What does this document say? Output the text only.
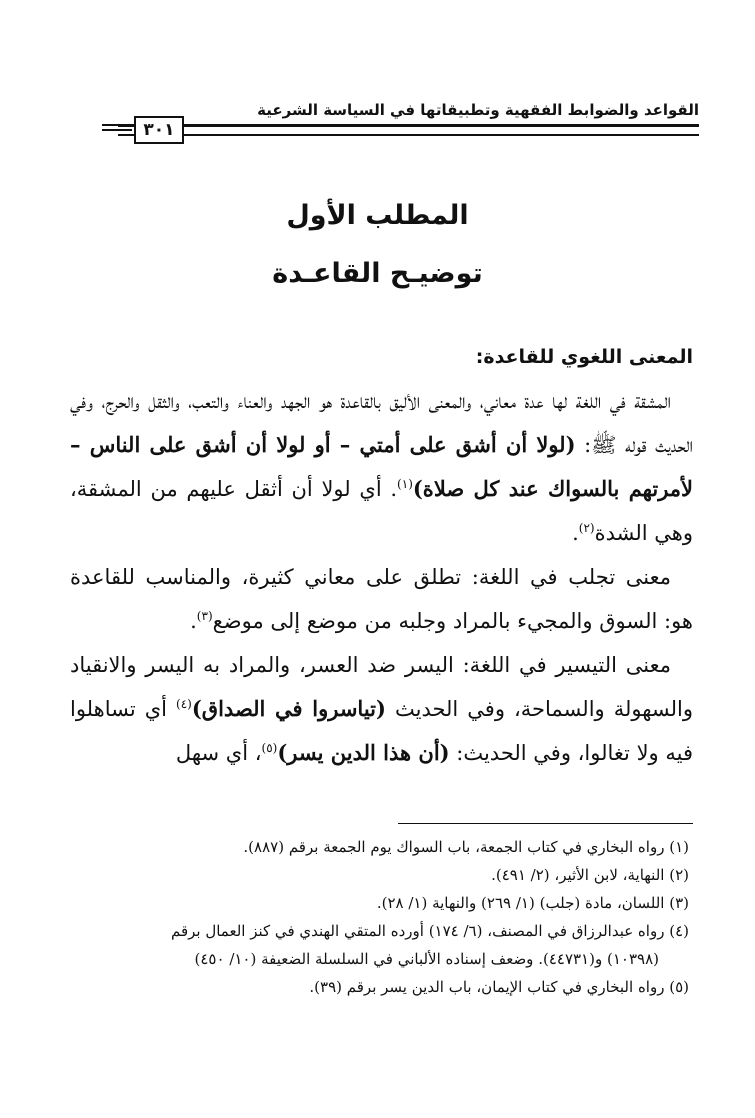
القواعد والضوابط الفقهية وتطبيقاتها في السياسة الشرعية
٣٠١
المطلب الأول
توضيـح القاعـدة

المعنى اللغوي للقاعدة:

المشقة في اللغة لها عدة معاني، والمعنى الأليق بالقاعدة هو الجهد والعناء والتعب، والثقل والحرج، وفي الحديث قوله ﷺ: (لولا أن أشق على أمتي – أو لولا أن أشق على الناس – لأمرتهم بالسواك عند كل صلاة)$^{(١)}$. أي لولا أن أثقل عليهم من المشقة، وهي الشدة$^{(٢)}$.

معنى تجلب في اللغة: تطلق على معاني كثيرة، والمناسب للقاعدة هو: السوق والمجيء بالمراد وجلبه من موضع إلى موضع$^{(٣)}$.

معنى التيسير في اللغة: اليسر ضد العسر، والمراد به اليسر والانقياد والسهولة والسماحة، وفي الحديث (تياسروا في الصداق)$^{(٤)}$ أي تساهلوا فيه ولا تغالوا، وفي الحديث: (أن هذا الدين يسر)$^{(٥)}$، أي سهل

(١) رواه البخاري في كتاب الجمعة، باب السواك يوم الجمعة برقم (٨٨٧).

(٢) النهاية، لابن الأثير، (٢/ ٤٩١).

(٣) اللسان، مادة (جلب) (١/ ٢٦٩) والنهاية (١/ ٢٨).

(٤) رواه عبدالرزاق في المصنف، (٦/ ١٧٤) أورده المتقي الهندي في كنز العمال برقم

(١٠٣٩٨) و(٤٤٧٣١). وضعف إسناده الألباني في السلسلة الضعيفة (١٠/ ٤٥٠)

(٥) رواه البخاري في كتاب الإيمان، باب الدين يسر برقم (٣٩).
